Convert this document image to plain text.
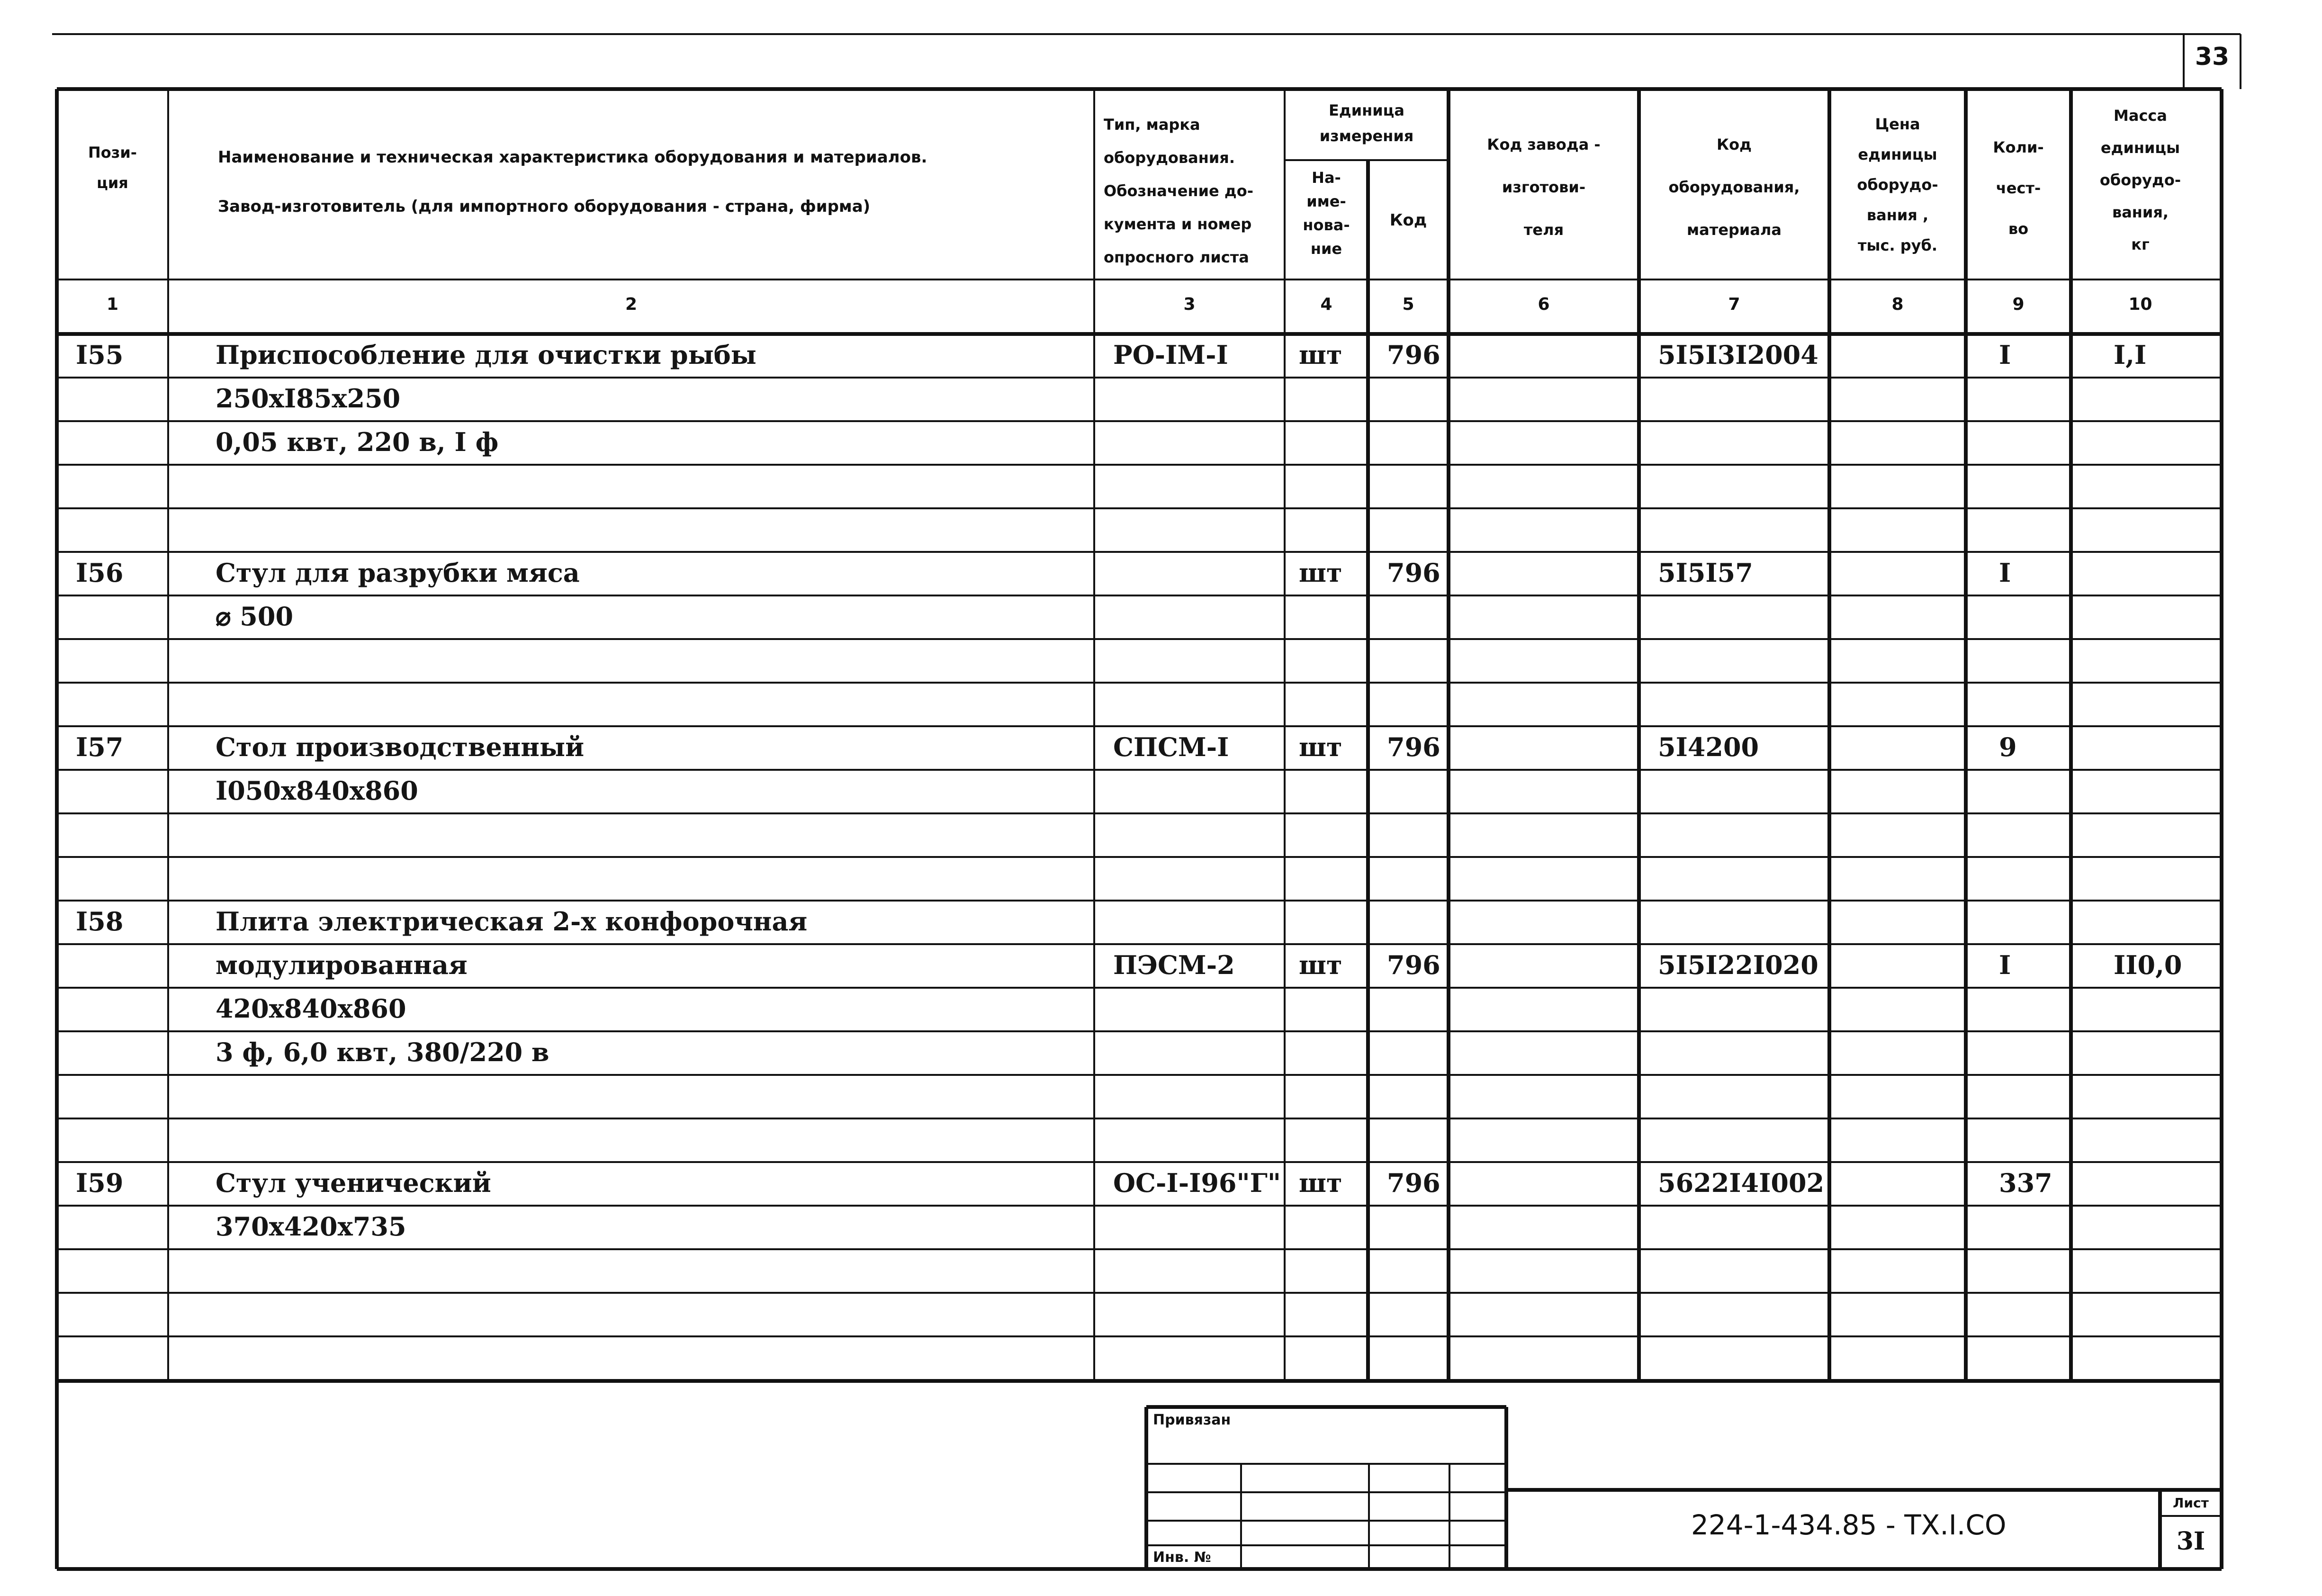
33
Пози-
ция
Наименование и техническая характеристика оборудования и материалов.
Завод-изготовитель (для импортного оборудования - страна, фирма)
Тип, марка
оборудования.
Обозначение до-
кумента и номер
опросного листа
Единица
измерения
На-
име-
нова-
ние
Код
Код завода -
изготови-
теля
Код
оборудования,
материала
Цена
единицы
оборудо-
вания ,
тыс. руб.
Коли-
чест-
во
Масса
единицы
оборудо-
вания,
кг
1	2	3	4	5	6	7	8	9	10
I55	Приспособление для очистки рыбы	РО-IМ-I	шт 796	5I5I3I2004	I	I,I
250хI85х250
0,05 квт, 220 в, I ф
I56	Стул для разрубки мяса	шт 796	5I5I57	I
⌀ 500
I57	Стол производственный	СПСМ-I	шт 796	5I4200	9
I050х840х860
I58	Плита электрическая 2-х конфорочная
модулированная	ПЭСМ-2	шт 796	5I5I22I020	I	II0,0
420х840х860
3 ф, 6,0 квт, 380/220 в
I59	Стул ученический	ОС-I-I96"Г" шт 796	5622I4I002	337
370х420х735
Привязан
Инв. №
224-1-434.85 - ТХ.I.СО
Лист
3I
